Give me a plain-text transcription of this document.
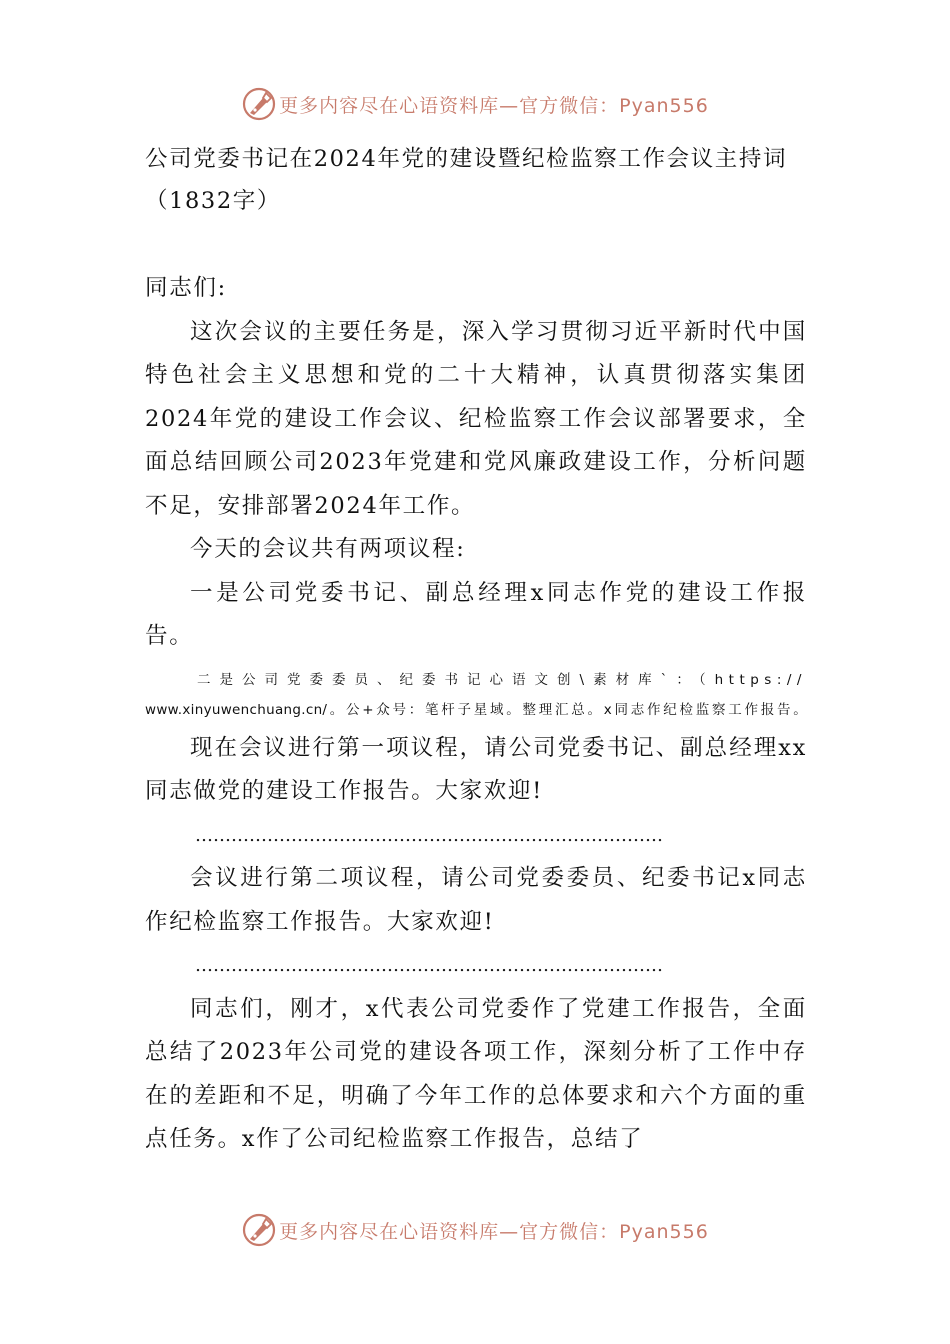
更多内容尽在心语资料库—官方微信：Pyan556
公司党委书记在2024年党的建设暨纪检监察工作会议主持词（1832字）

同志们:

这次会议的主要任务是，深入学习贯彻习近平新时代中国特色社会主义思想和党的二十大精神，认真贯彻落实集团2024年党的建设工作会议、纪检监察工作会议部署要求，全面总结回顾公司2023年党建和党风廉政建设工作，分析问题不足，安排部署2024年工作。

今天的会议共有两项议程:

一是公司党委书记、副总经理x同志作党的建设工作报告。

二是公司党委委员、纪委书记心语文创\素材库`：（https://
www.xinyuwenchuang.cn/。公+众号：笔杆子星域。整理汇总。x同志作纪检监察工作报告。

现在会议进行第一项议程，请公司党委书记、副总经理xx同志做党的建设工作报告。大家欢迎!

……………………………………………………………………

会议进行第二项议程，请公司党委委员、纪委书记x同志作纪检监察工作报告。大家欢迎!

……………………………………………………………………

同志们，刚才，x代表公司党委作了党建工作报告，全面总结了2023年公司党的建设各项工作，深刻分析了工作中存在的差距和不足，明确了今年工作的总体要求和六个方面的重点任务。x作了公司纪检监察工作报告，总结了

更多内容尽在心语资料库—官方微信：Pyan556
